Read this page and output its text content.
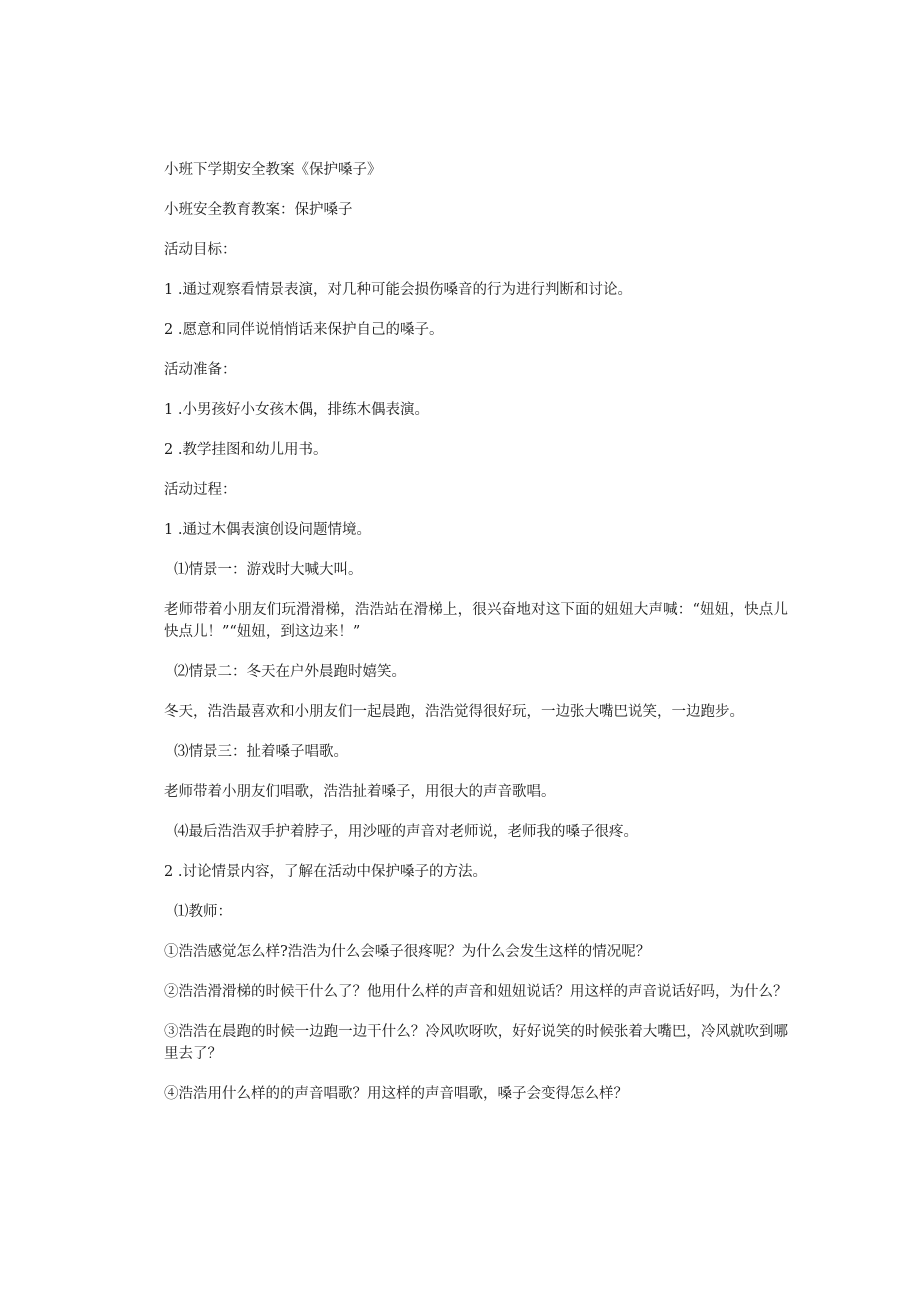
小班下学期安全教案《保护嗓子》

小班安全教育教案：保护嗓子

活动目标：

1 .通过观察看情景表演，对几种可能会损伤嗓音的行为进行判断和讨论。

2 .愿意和同伴说悄悄话来保护自己的嗓子。

活动准备：

1 .小男孩好小女孩木偶，排练木偶表演。

2 .教学挂图和幼儿用书。

活动过程：

1 .通过木偶表演创设问题情境。

⑴情景一：游戏时大喊大叫。

老师带着小朋友们玩滑滑梯，浩浩站在滑梯上，很兴奋地对这下面的妞妞大声喊：“妞妞，快点儿快点儿！”“妞妞，到这边来！”

⑵情景二：冬天在户外晨跑时嬉笑。

冬天，浩浩最喜欢和小朋友们一起晨跑，浩浩觉得很好玩，一边张大嘴巴说笑，一边跑步。

⑶情景三：扯着嗓子唱歌。

老师带着小朋友们唱歌，浩浩扯着嗓子，用很大的声音歌唱。

⑷最后浩浩双手护着脖子，用沙哑的声音对老师说，老师我的嗓子很疼。

2 .讨论情景内容，了解在活动中保护嗓子的方法。

⑴教师：

①浩浩感觉怎么样?浩浩为什么会嗓子很疼呢？为什么会发生这样的情况呢？

②浩浩滑滑梯的时候干什么了？他用什么样的声音和妞妞说话？用这样的声音说话好吗，为什么？

③浩浩在晨跑的时候一边跑一边干什么？冷风吹呀吹，好好说笑的时候张着大嘴巴，冷风就吹到哪里去了？

④浩浩用什么样的的声音唱歌？用这样的声音唱歌，嗓子会变得怎么样？
